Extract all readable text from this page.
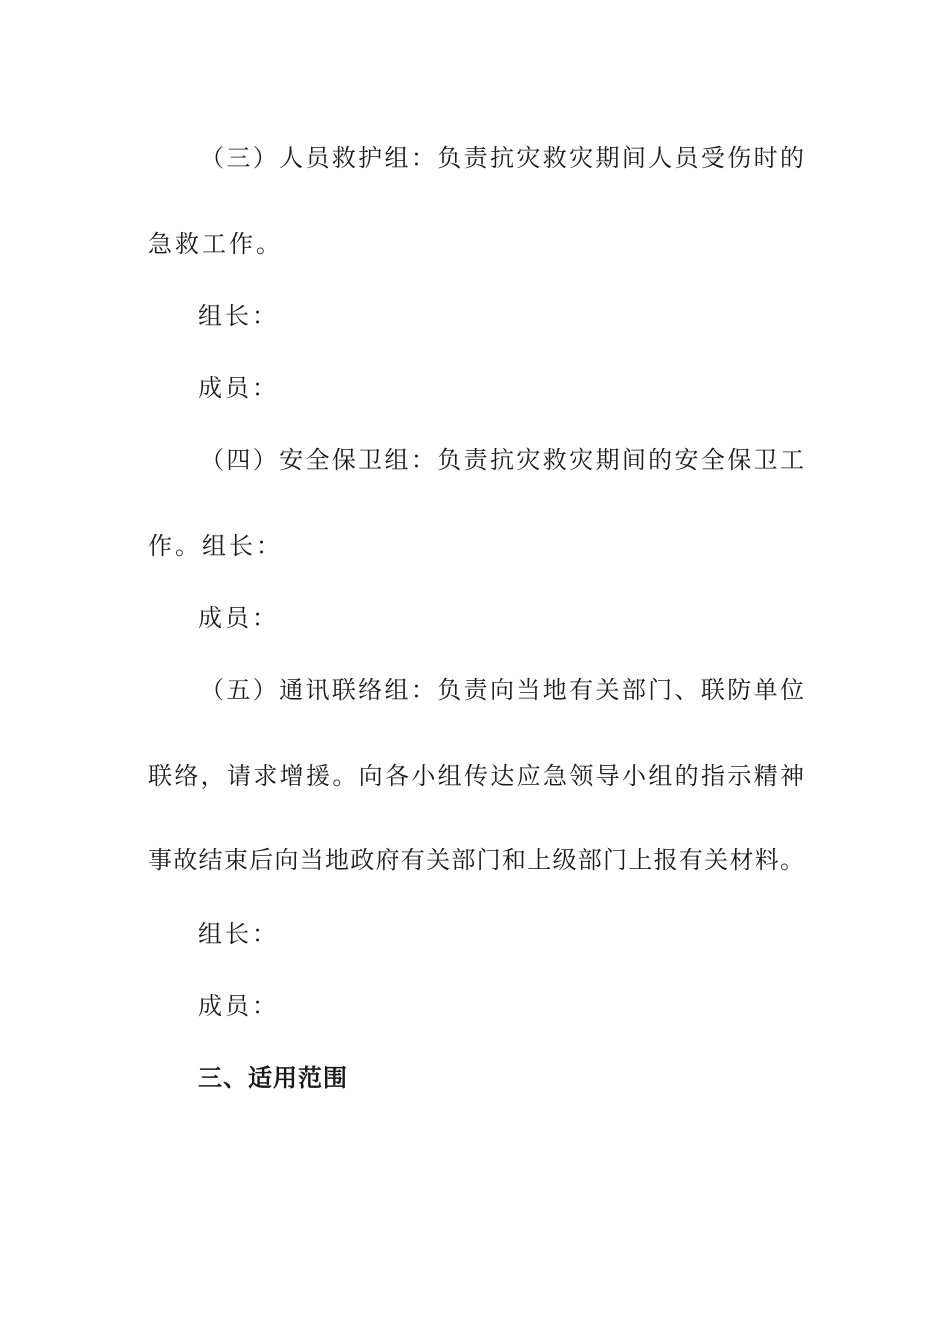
（三）人员救护组：负责抗灾救灾期间人员受伤时的
急救工作。
组长：
成员：
（四）安全保卫组：负责抗灾救灾期间的安全保卫工
作。组长：
成员：
（五）通讯联络组：负责向当地有关部门、联防单位
联络，请求增援。向各小组传达应急领导小组的指示精神
事故结束后向当地政府有关部门和上级部门上报有关材料。
组长：
成员：
三、适用范围
